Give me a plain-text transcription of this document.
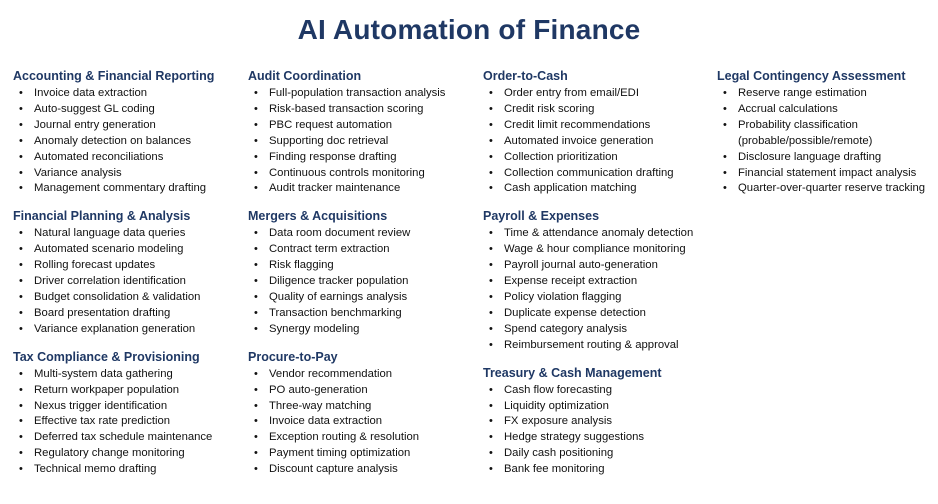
AI Automation of Finance
Accounting & Financial Reporting
• Invoice data extraction
• Auto-suggest GL coding
• Journal entry generation
• Anomaly detection on balances
• Automated reconciliations
• Variance analysis
• Management commentary drafting
Financial Planning & Analysis
• Natural language data queries
• Automated scenario modeling
• Rolling forecast updates
• Driver correlation identification
• Budget consolidation & validation
• Board presentation drafting
• Variance explanation generation
Tax Compliance & Provisioning
• Multi-system data gathering
• Return workpaper population
• Nexus trigger identification
• Effective tax rate prediction
• Deferred tax schedule maintenance
• Regulatory change monitoring
• Technical memo drafting
Audit Coordination
• Full-population transaction analysis
• Risk-based transaction scoring
• PBC request automation
• Supporting doc retrieval
• Finding response drafting
• Continuous controls monitoring
• Audit tracker maintenance
Mergers & Acquisitions
• Data room document review
• Contract term extraction
• Risk flagging
• Diligence tracker population
• Quality of earnings analysis
• Transaction benchmarking
• Synergy modeling
Procure-to-Pay
• Vendor recommendation
• PO auto-generation
• Three-way matching
• Invoice data extraction
• Exception routing & resolution
• Payment timing optimization
• Discount capture analysis
Order-to-Cash
• Order entry from email/EDI
• Credit risk scoring
• Credit limit recommendations
• Automated invoice generation
• Collection prioritization
• Collection communication drafting
• Cash application matching
Payroll & Expenses
• Time & attendance anomaly detection
• Wage & hour compliance monitoring
• Payroll journal auto-generation
• Expense receipt extraction
• Policy violation flagging
• Duplicate expense detection
• Spend category analysis
• Reimbursement routing & approval
Treasury & Cash Management
• Cash flow forecasting
• Liquidity optimization
• FX exposure analysis
• Hedge strategy suggestions
• Daily cash positioning
• Bank fee monitoring
Legal Contingency Assessment
• Reserve range estimation
• Accrual calculations
• Probability classification (probable/possible/remote)
• Disclosure language drafting
• Financial statement impact analysis
• Quarter-over-quarter reserve tracking
